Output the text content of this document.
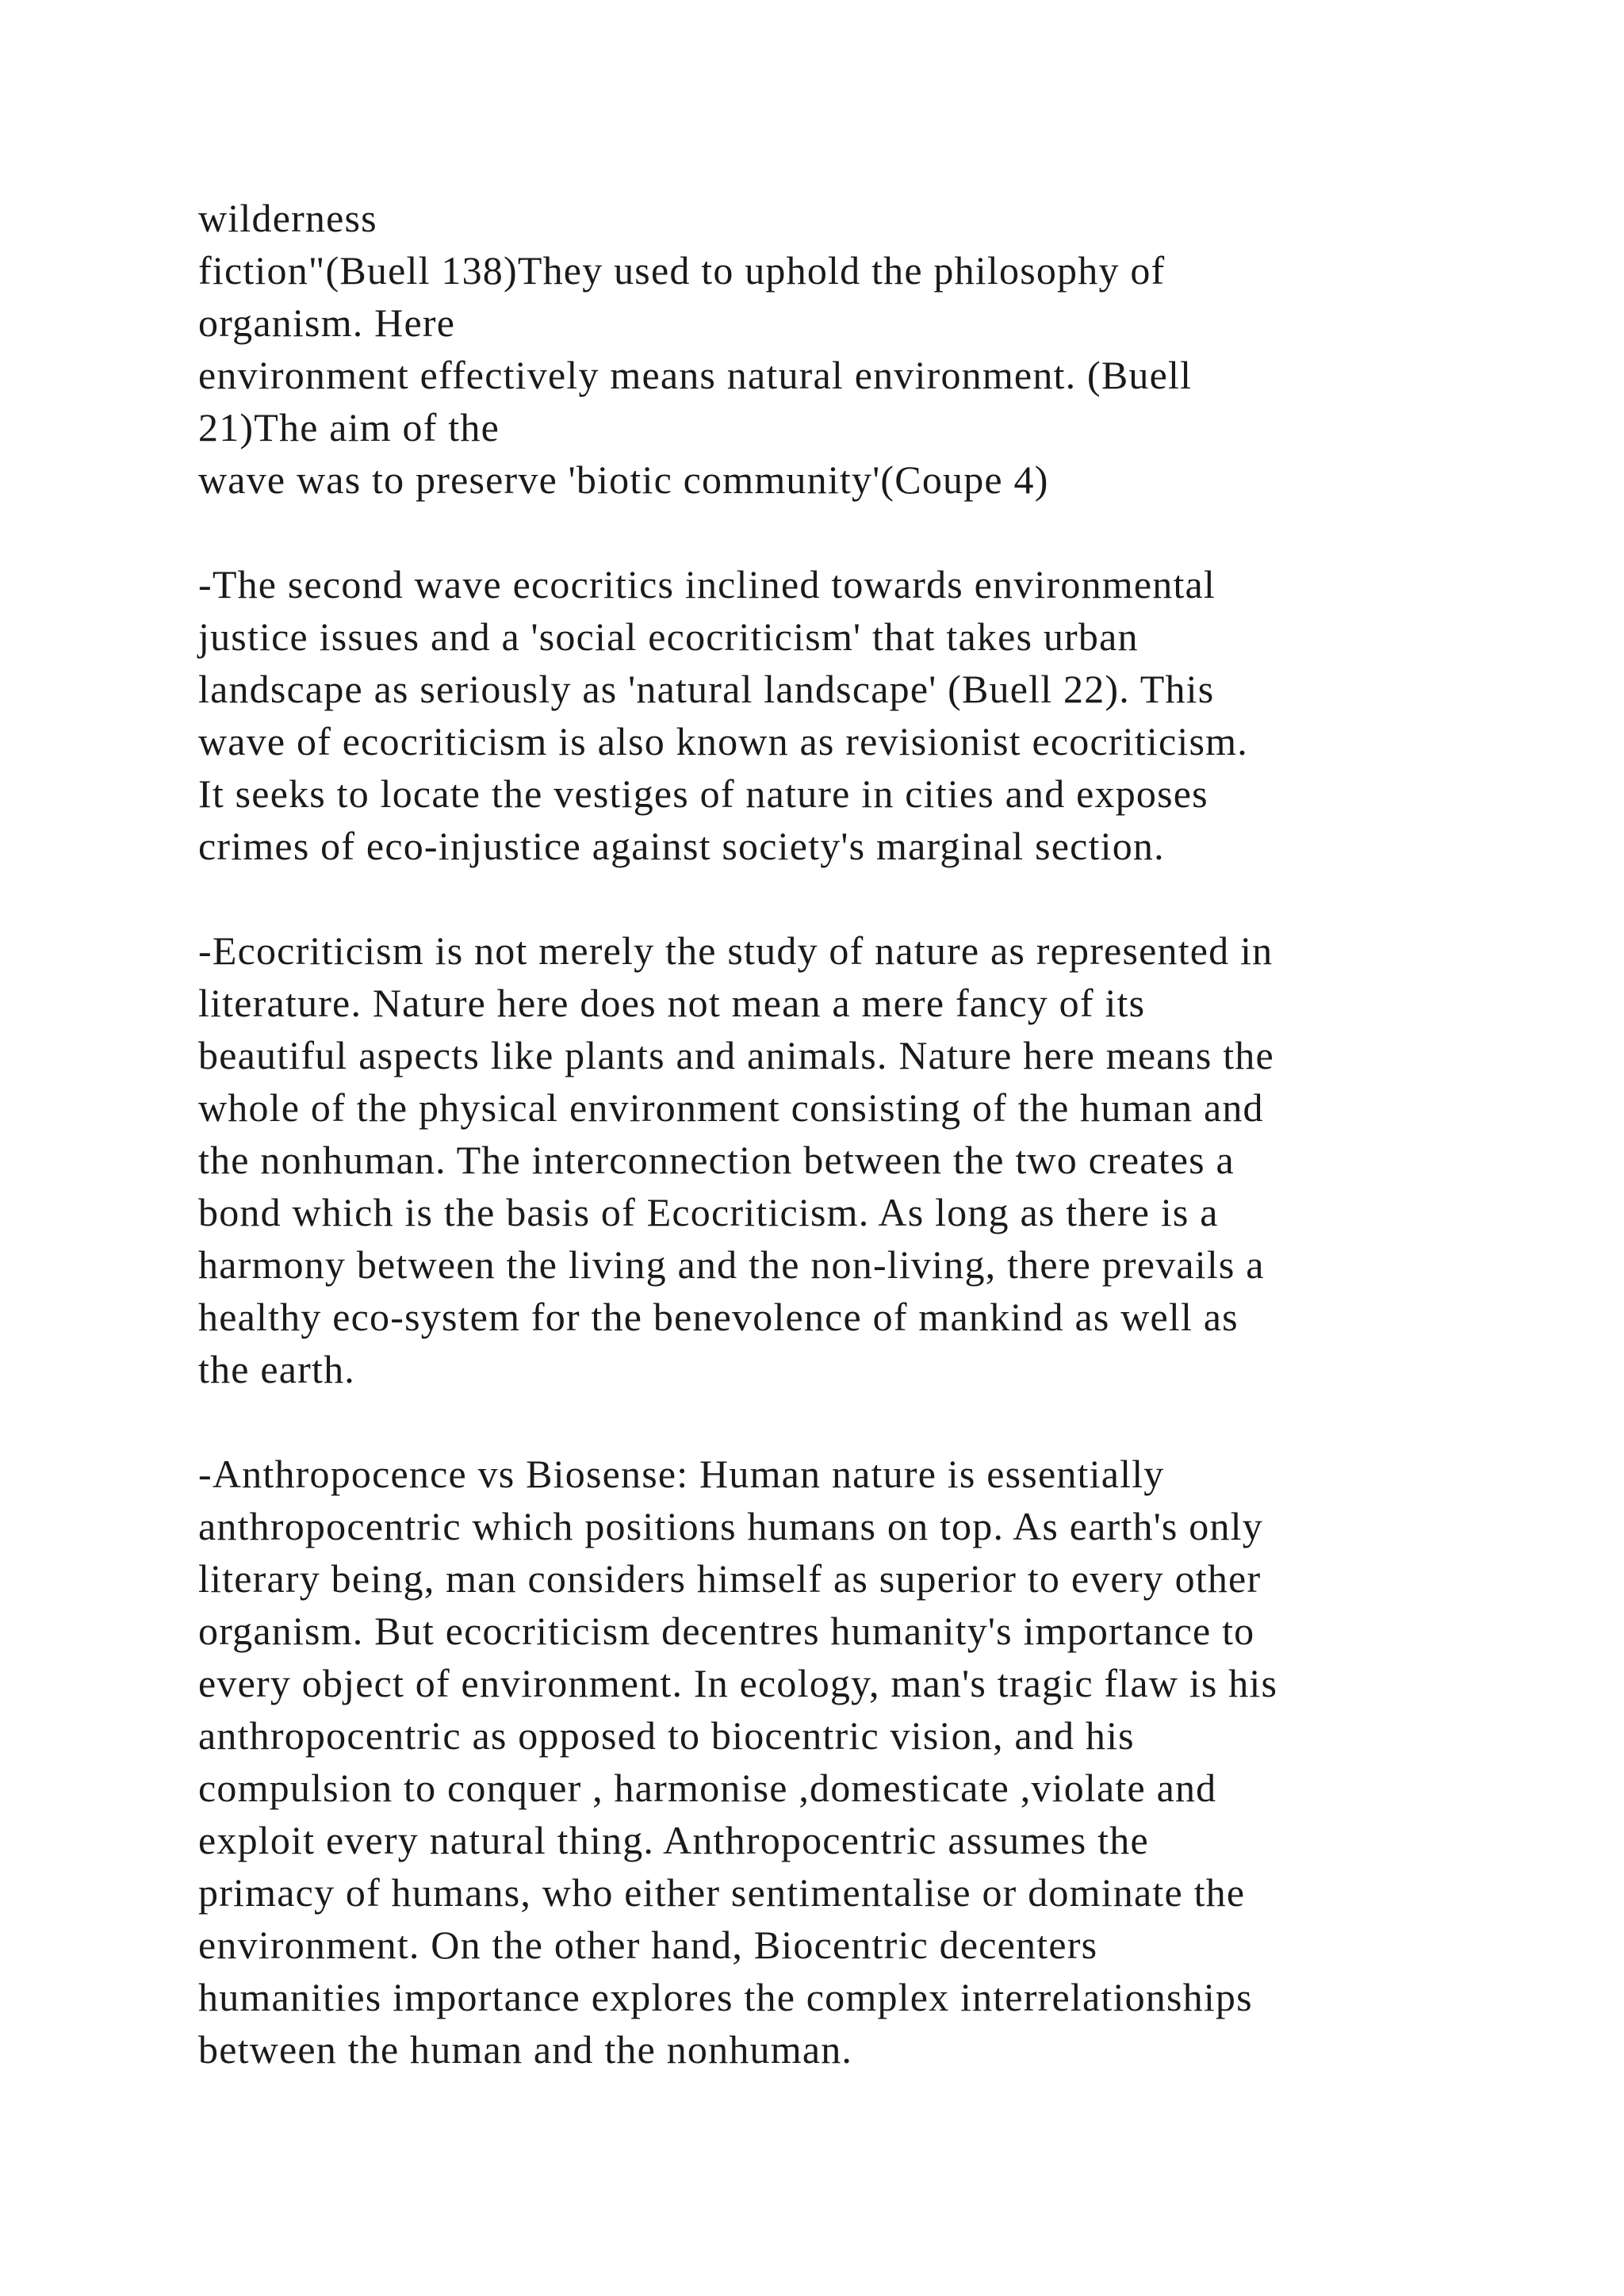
wilderness
fiction"(Buell 138)They used to uphold the philosophy of
organism. Here
environment effectively means natural environment. (Buell
21)The aim of the
wave was to preserve 'biotic community'(Coupe 4)
-The second wave ecocritics inclined towards environmental
justice issues and a 'social ecocriticism' that takes urban
landscape as seriously as 'natural landscape' (Buell 22). This
wave of ecocriticism is also known as revisionist ecocriticism.
It seeks to locate the vestiges of nature in cities and exposes
crimes of eco-injustice against society's marginal section.
-Ecocriticism is not merely the study of nature as represented in
literature. Nature here does not mean a mere fancy of its
beautiful aspects like plants and animals. Nature here means the
whole of the physical environment consisting of the human and
the nonhuman. The interconnection between the two creates a
bond which is the basis of Ecocriticism. As long as there is a
harmony between the living and the non-living, there prevails a
healthy eco-system for the benevolence of mankind as well as
the earth.
-Anthropocence vs Biosense: Human nature is essentially
anthropocentric which positions humans on top. As earth's only
literary being, man considers himself as superior to every other
organism. But ecocriticism decentres humanity's importance to
every object of environment. In ecology, man's tragic flaw is his
anthropocentric as opposed to biocentric vision, and his
compulsion to conquer , harmonise ,domesticate ,violate and
exploit every natural thing. Anthropocentric assumes the
primacy of humans, who either sentimentalise or dominate the
environment. On the other hand, Biocentric decenters
humanities importance explores the complex interrelationships
between the human and the nonhuman.
